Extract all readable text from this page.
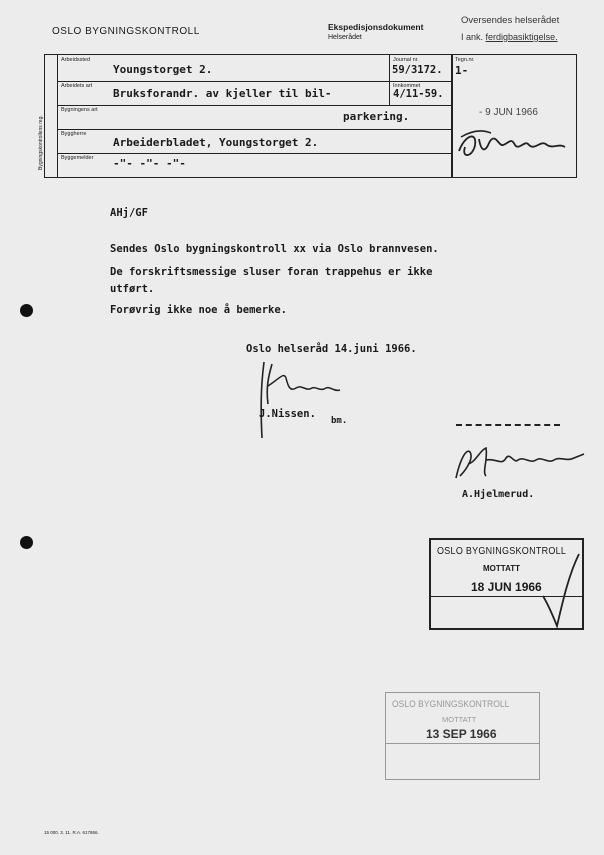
OSLO BYGNINGSKONTROLL	Ekspedisjonsdokument
Helserådet
Oversendes helserådet
I ank. ferdigbasiktigelse.
Arbeidssted
Youngstorget 2.
Journal nr.
59/3172.
Tegn.nr.
1-
Arbeidets art
Bruksforandr. av kjeller til bil-
Innkommet
4/11-59.
Bygningens art	parkering.	- 9 JUN 1966
Byggherre
Arbeiderbladet, Youngstorget 2.
Byggemelder -"- -"- -"-
Bygningskontrollens reg.
AHj/GF
Sendes Oslo bygningskontroll xx via Oslo brannvesen.
De forskriftsmessige sluser foran trappehus er ikke
utført.
Forøvrig ikke noe å bemerke.
Oslo helseråd 14.juni 1966.
J.Nissen.
bm.
A.Hjelmerud.
OSLO BYGNINGSKONTROLL
MOTTATT
18 JUN 1966
OSLO BYGNINGSKONTROLL
MOTTATT
13 SEP 1966
15 000. 3. 11. R.A. 617866.
